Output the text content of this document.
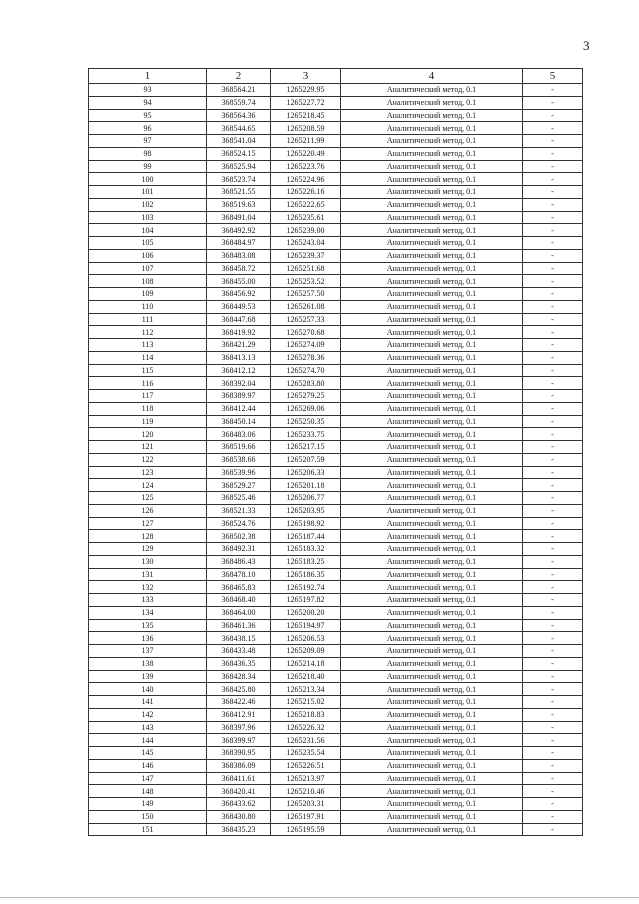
3
1	2	3	4	5
93	368564.21	1265229.95	Аналитический метод, 0.1	-
94	368559.74	1265227.72	Аналитический метод, 0.1	-
95	368564.36	1265218.45	Аналитический метод, 0.1	-
96	368544.65	1265208.59	Аналитический метод, 0.1	-
97	368541.04	1265211.99	Аналитический метод, 0.1	-
98	368524.15	1265220.49	Аналитический метод, 0.1	-
99	368525.94	1265223.76	Аналитический метод, 0.1	-
100	368523.74	1265224.96	Аналитический метод, 0.1	-
101	368521.55	1265226.16	Аналитический метод, 0.1	-
102	368519.63	1265222.65	Аналитический метод, 0.1	-
103	368491.04	1265235.61	Аналитический метод, 0.1	-
104	368492.92	1265239.00	Аналитический метод, 0.1	-
105	368484.97	1265243.04	Аналитический метод, 0.1	-
106	368483.08	1265239.37	Аналитический метод, 0.1	-
107	368458.72	1265251.68	Аналитический метод, 0.1	-
108	368455.00	1265253.52	Аналитический метод, 0.1	-
109	368456.92	1265257.50	Аналитический метод, 0.1	-
110	368449.53	1265261.08	Аналитический метод, 0.1	-
111	368447.68	1265257.33	Аналитический метод, 0.1	-
112	368419.92	1265270.68	Аналитический метод, 0.1	-
113	368421.29	1265274.09	Аналитический метод, 0.1	-
114	368413.13	1265278.36	Аналитический метод, 0.1	-
115	368412.12	1265274.70	Аналитический метод, 0.1	-
116	368392.04	1265283.80	Аналитический метод, 0.1	-
117	368389.97	1265279.25	Аналитический метод, 0.1	-
118	368412.44	1265269.06	Аналитический метод, 0.1	-
119	368450.14	1265250.35	Аналитический метод, 0.1	-
120	368483.06	1265233.75	Аналитический метод, 0.1	-
121	368519.66	1265217.15	Аналитический метод, 0.1	-
122	368538.66	1265207.59	Аналитический метод, 0.1	-
123	368539.96	1265206.33	Аналитический метод, 0.1	-
124	368529.27	1265201.18	Аналитический метод, 0.1	-
125	368525.46	1265206.77	Аналитический метод, 0.1	-
126	368521.33	1265203.95	Аналитический метод, 0.1	-
127	368524.76	1265198.92	Аналитический метод, 0.1	-
128	368502.38	1265187.44	Аналитический метод, 0.1	-
129	368492.31	1265183.32	Аналитический метод, 0.1	-
130	368486.43	1265183.25	Аналитический метод, 0.1	-
131	368478.10	1265186.35	Аналитический метод, 0.1	-
132	368465.83	1265192.74	Аналитический метод, 0.1	-
133	368468.40	1265197.82	Аналитический метод, 0.1	-
134	368464.00	1265200.20	Аналитический метод, 0.1	-
135	368461.36	1265194.97	Аналитический метод, 0.1	-
136	368438.15	1265206.53	Аналитический метод, 0.1	-
137	368433.48	1265209.09	Аналитический метод, 0.1	-
138	368436.35	1265214.18	Аналитический метод, 0.1	-
139	368428.34	1265218.40	Аналитический метод, 0.1	-
140	368425.80	1265213.34	Аналитический метод, 0.1	-
141	368422.46	1265215.02	Аналитический метод, 0.1	-
142	368412.91	1265218.83	Аналитический метод, 0.1	-
143	368397.96	1265226.32	Аналитический метод, 0.1	-
144	368399.97	1265231.56	Аналитический метод, 0.1	-
145	368390.95	1265235.54	Аналитический метод, 0.1	-
146	368386.09	1265226.51	Аналитический метод, 0.1	-
147	368411.61	1265213.97	Аналитический метод, 0.1	-
148	368420.41	1265210.46	Аналитический метод, 0.1	-
149	368433.62	1265203.31	Аналитический метод, 0.1	-
150	368430.80	1265197.91	Аналитический метод, 0.1	-
151	368435.23	1265195.59	Аналитический метод, 0.1	-
